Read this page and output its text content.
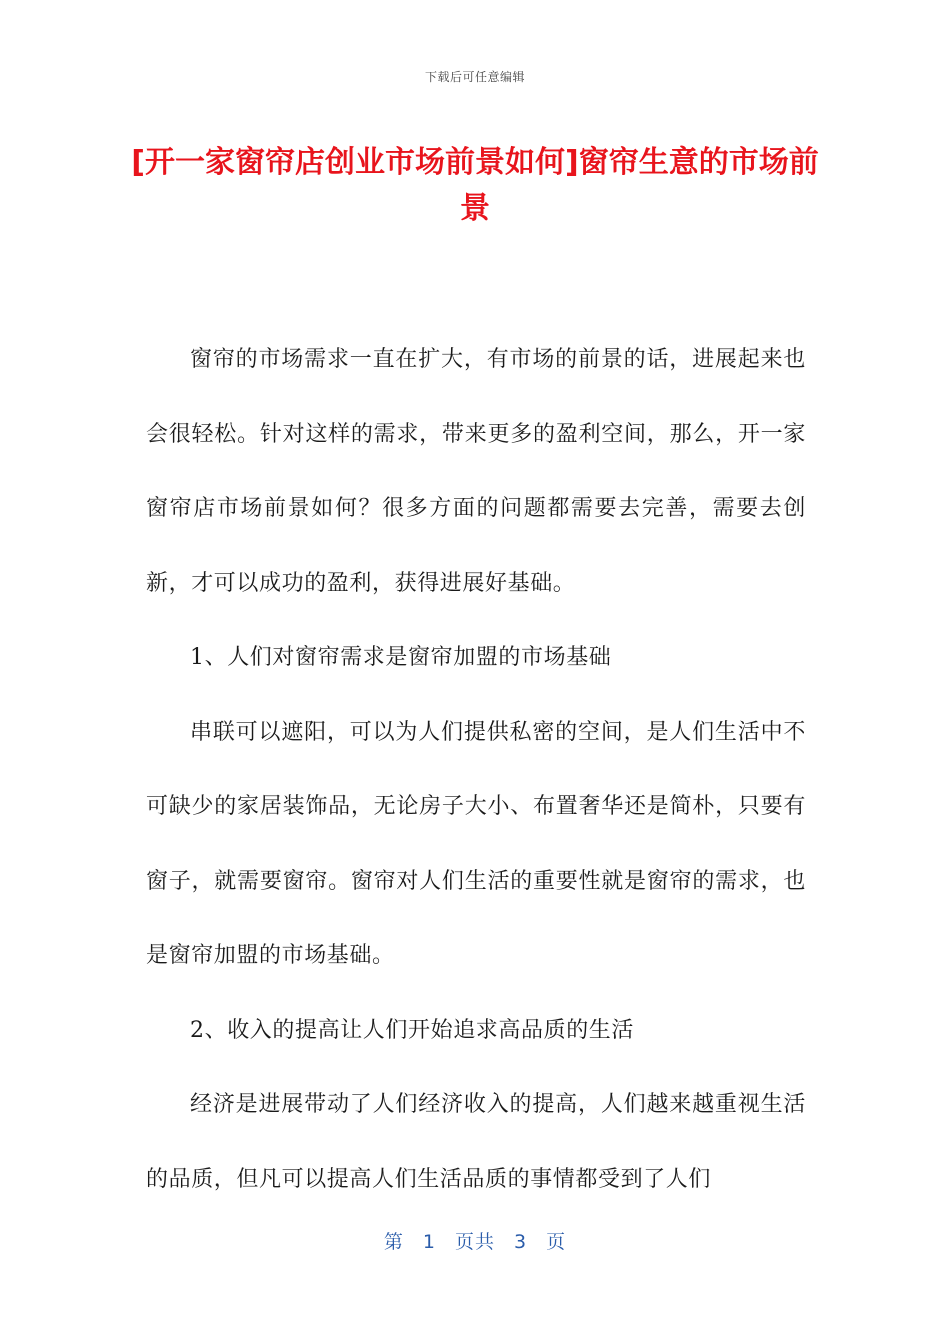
下载后可任意编辑
[开一家窗帘店创业市场前景如何]窗帘生意的市场前景

窗帘的市场需求一直在扩大，有市场的前景的话，进展起来也会很轻松。针对这样的需求，带来更多的盈利空间，那么，开一家窗帘店市场前景如何？很多方面的问题都需要去完善，需要去创新，才可以成功的盈利，获得进展好基础。

1、人们对窗帘需求是窗帘加盟的市场基础

串联可以遮阳，可以为人们提供私密的空间，是人们生活中不可缺少的家居装饰品，无论房子大小、布置奢华还是简朴，只要有窗子，就需要窗帘。窗帘对人们生活的重要性就是窗帘的需求，也是窗帘加盟的市场基础。

2、收入的提高让人们开始追求高品质的生活

经济是进展带动了人们经济收入的提高，人们越来越重视生活的品质，但凡可以提高人们生活品质的事情都受到了人们

第 1 页共 3 页
